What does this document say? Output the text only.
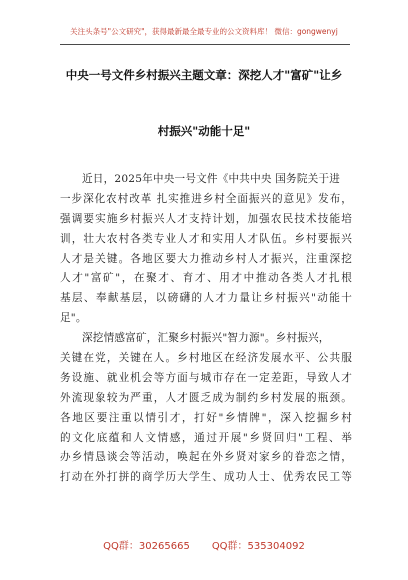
关注头条号"公文研究"，获得最新最全最专业的公文资料库！ 微信：gongwenyj
中央一号文件乡村振兴主题文章：深挖人才"富矿"让乡
村振兴"动能十足"
近日，2025年中央一号文件《中共中央 国务院关于进
一步深化农村改革 扎实推进乡村全面振兴的意见》发布，
强调要实施乡村振兴人才支持计划，加强农民技术技能培
训，壮大农村各类专业人才和实用人才队伍。乡村要振兴
人才是关键。各地区要大力推动乡村人才振兴，注重深挖
人才"富矿"，在聚才、育才、用才中推动各类人才扎根
基层、奉献基层，以磅礴的人才力量让乡村振兴"动能十
足"。
深挖情感富矿，汇聚乡村振兴"智力源"。乡村振兴，
关键在党，关键在人。乡村地区在经济发展水平、公共服
务设施、就业机会等方面与城市存在一定差距，导致人才
外流现象较为严重，人才匮乏成为制约乡村发展的瓶颈。
各地区要注重以情引才，打好"乡情牌"，深入挖掘乡村
的文化底蕴和人文情感，通过开展"乡贤回归"工程、举
办乡情恳谈会等活动，唤起在外乡贤对家乡的眷恋之情，
打动在外打拼的商学历大学生、成功人士、优秀农民工等
QQ群：30265665 QQ群：535304092
